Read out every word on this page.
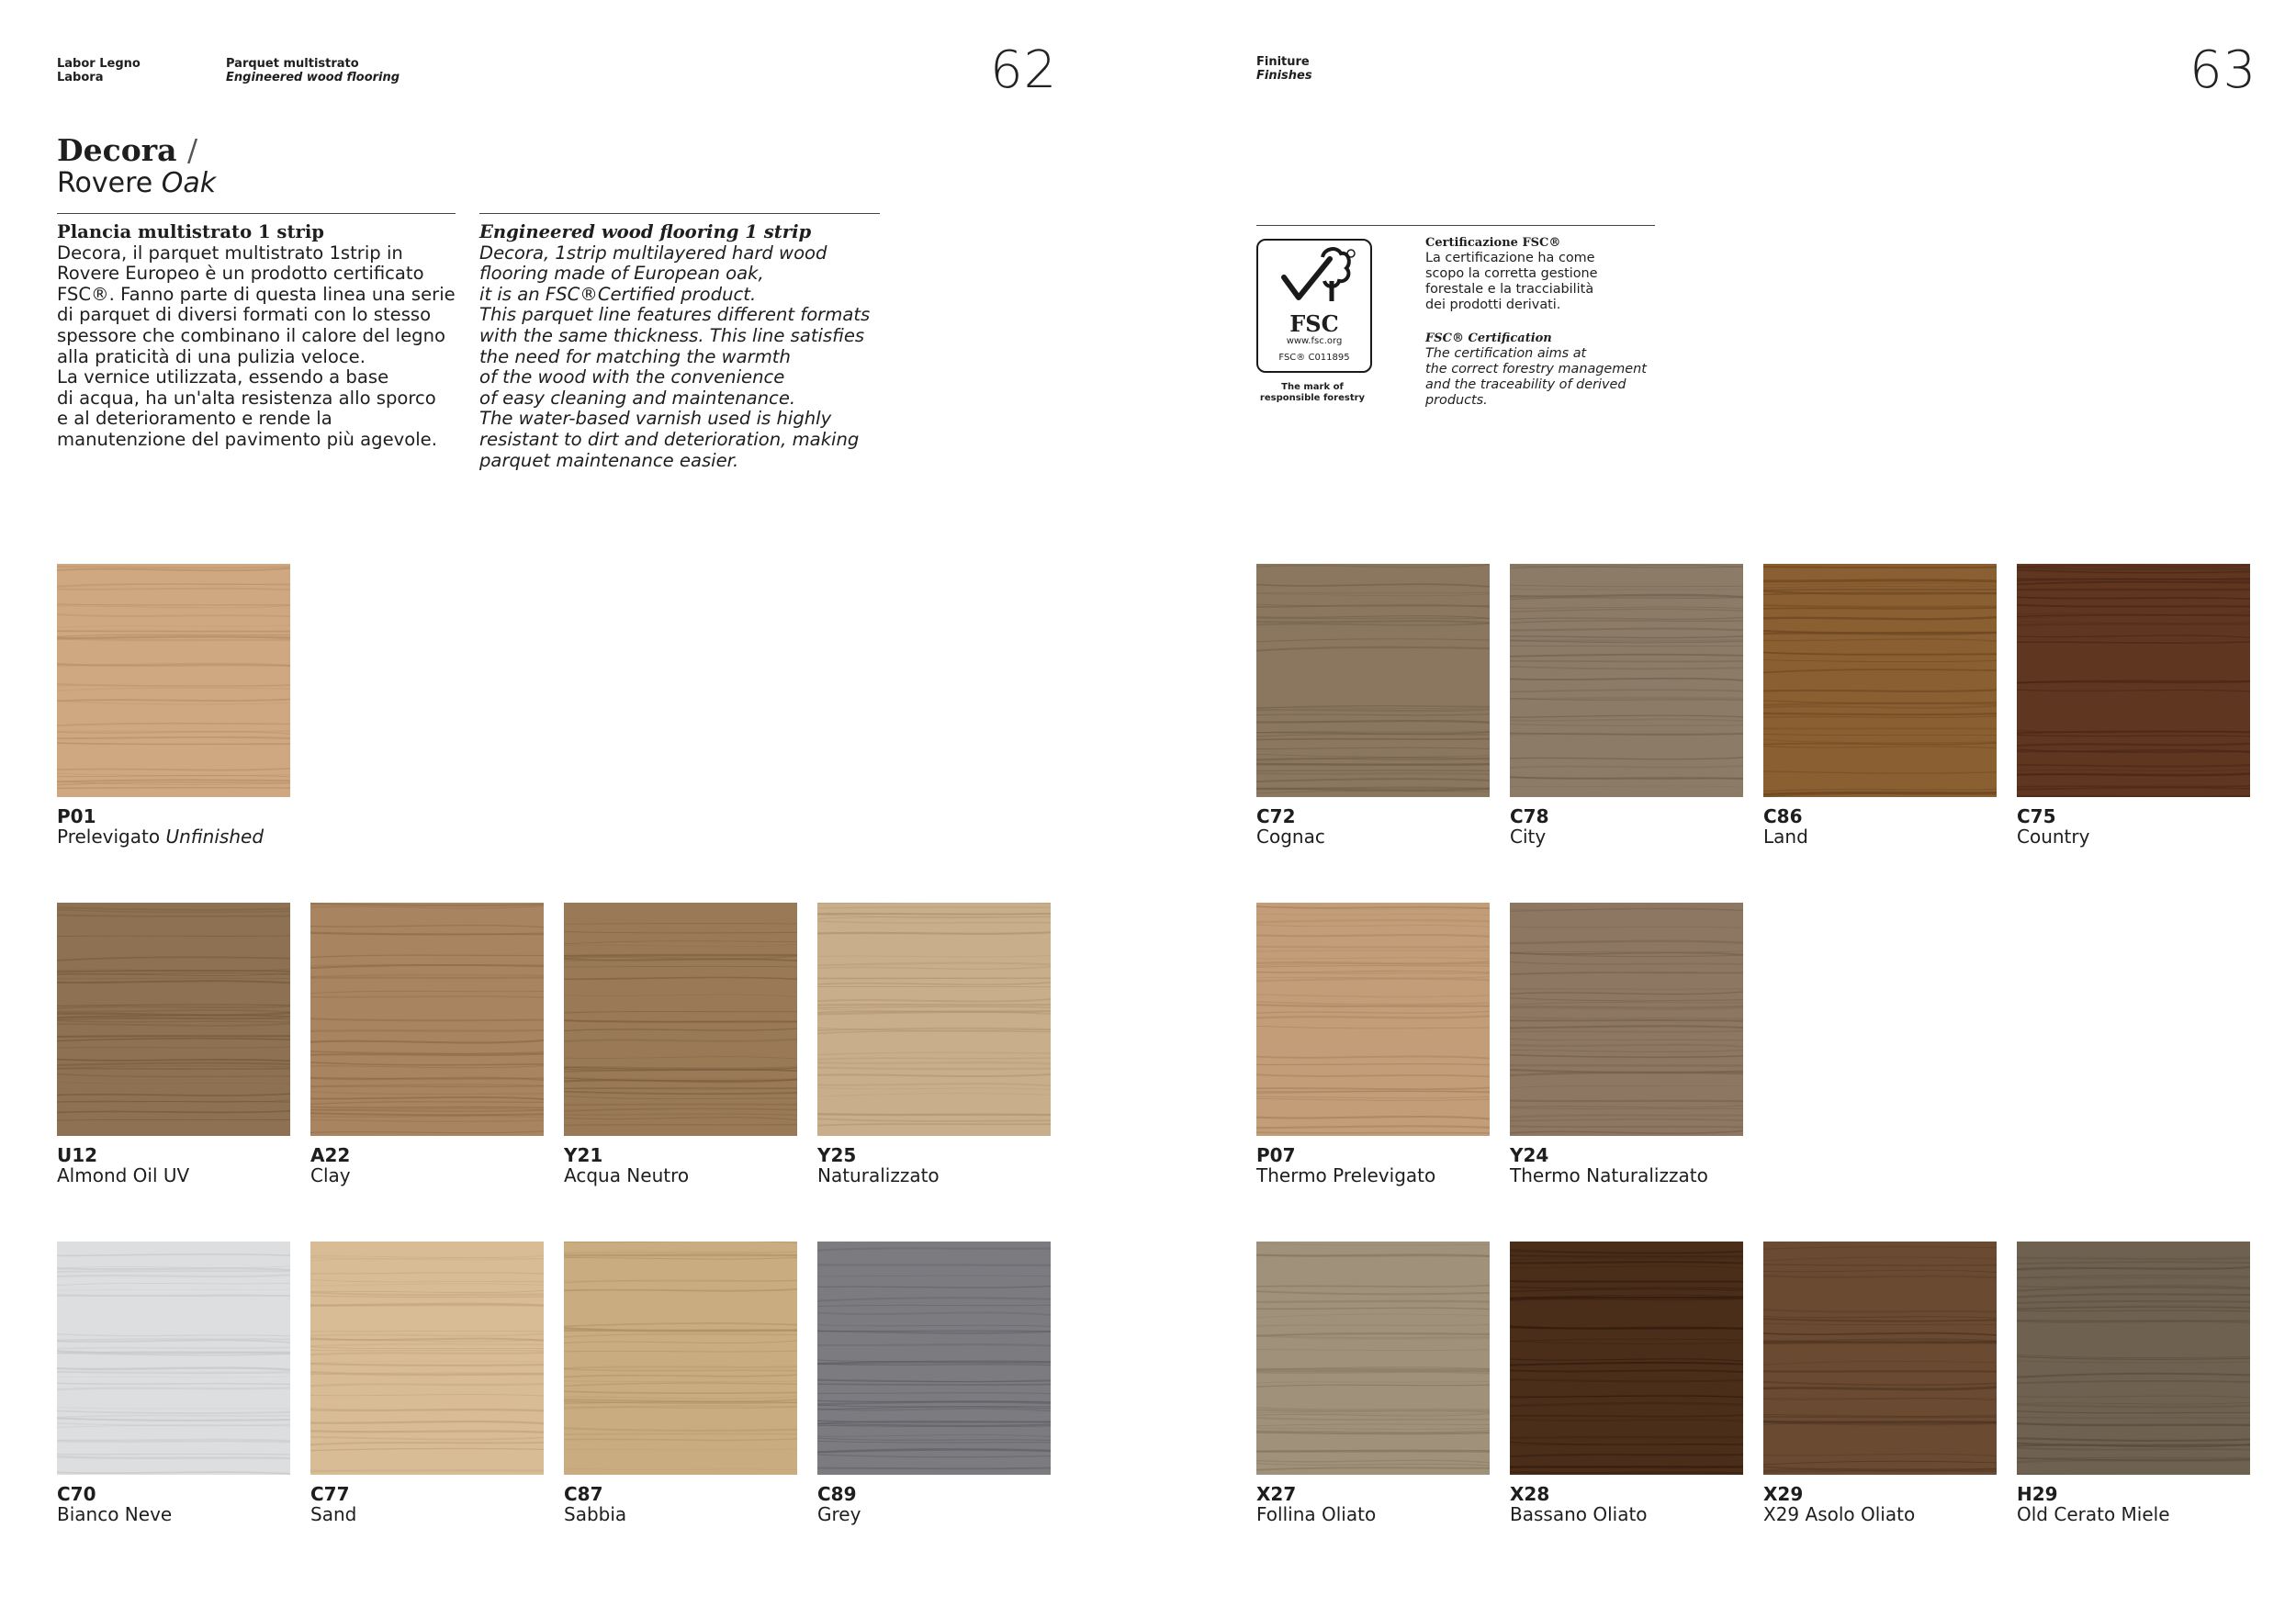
Labor Legno
Labora
Parquet multistrato
Engineered wood flooring	62	Finiture
Finishes	63
Decora /
Rovere Oak
Plancia multistrato 1 strip
Decora, il parquet multistrato 1strip in
Rovere Europeo è un prodotto certificato
FSC®. Fanno parte di questa linea una serie
di parquet di diversi formati con lo stesso
spessore che combinano il calore del legno
alla praticità di una pulizia veloce.
La vernice utilizzata, essendo a base
di acqua, ha un'alta resistenza allo sporco
e al deterioramento e rende la
manutenzione del pavimento più agevole.
Engineered wood flooring 1 strip
Decora, 1strip multilayered hard wood
flooring made of European oak,
it is an FSC®Certified product.
This parquet line features different formats
with the same thickness. This line satisfies
the need for matching the warmth
of the wood with the convenience
of easy cleaning and maintenance.
The water-based varnish used is highly
resistant to dirt and deterioration, making
parquet maintenance easier.
FSC
www.fsc.org
FSC® C011895
The mark of
responsible forestry
Certificazione FSC®
La certificazione ha come
scopo la corretta gestione
forestale e la tracciabilità
dei prodotti derivati.
FSC® Certification
The certification aims at
the correct forestry management
and the traceability of derived
products.
P01
Prelevigato Unfinished
U12
Almond Oil UV
A22
Clay
Y21
Acqua Neutro
Y25
Naturalizzato
C70
Bianco Neve
C77
Sand
C87
Sabbia
C89
Grey
C72
Cognac
C78
City
C86
Land
C75
Country
P07
Thermo Prelevigato
Y24
Thermo Naturalizzato
X27
Follina Oliato
X28
Bassano Oliato
X29
X29 Asolo Oliato
H29
Old Cerato Miele
